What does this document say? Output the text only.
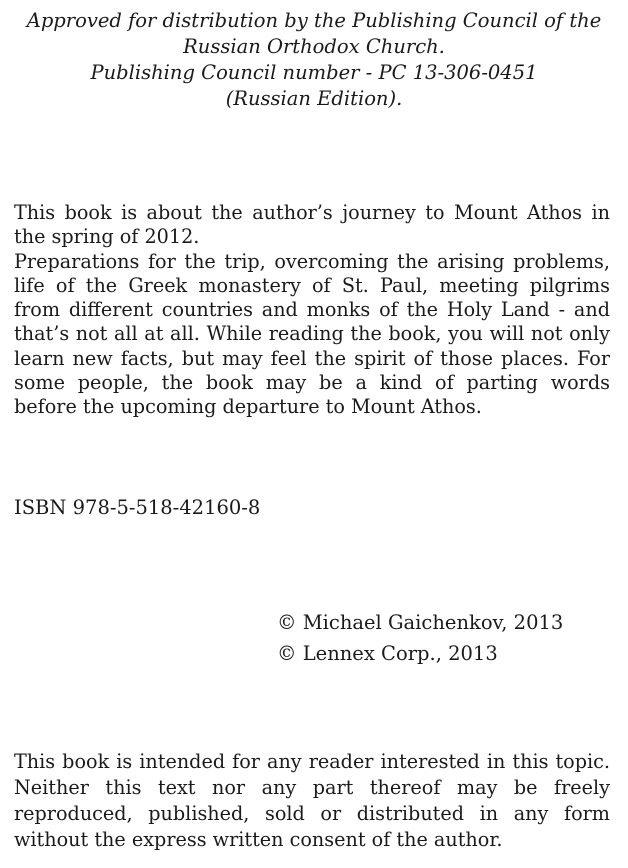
Approved for distribution by the Publishing Council of the
Russian Orthodox Church.
Publishing Council number - PC 13-306-0451
(Russian Edition).

This book is about the author’s journey to Mount Athos in the spring of 2012.

Preparations for the trip, overcoming the arising problems, life of the Greek monastery of St. Paul, meeting pilgrims from different countries and monks of the Holy Land - and that’s not all at all. While reading the book, you will not only learn new facts, but may feel the spirit of those places. For some people, the book may be a kind of parting words before the upcoming departure to Mount Athos.

ISBN 978-5-518-42160-8
© Michael Gaichenkov, 2013
© Lennex Corp., 2013

This book is intended for any reader interested in this topic. Neither this text nor any part thereof may be freely reproduced, published, sold or distributed in any form without the express written consent of the author.
